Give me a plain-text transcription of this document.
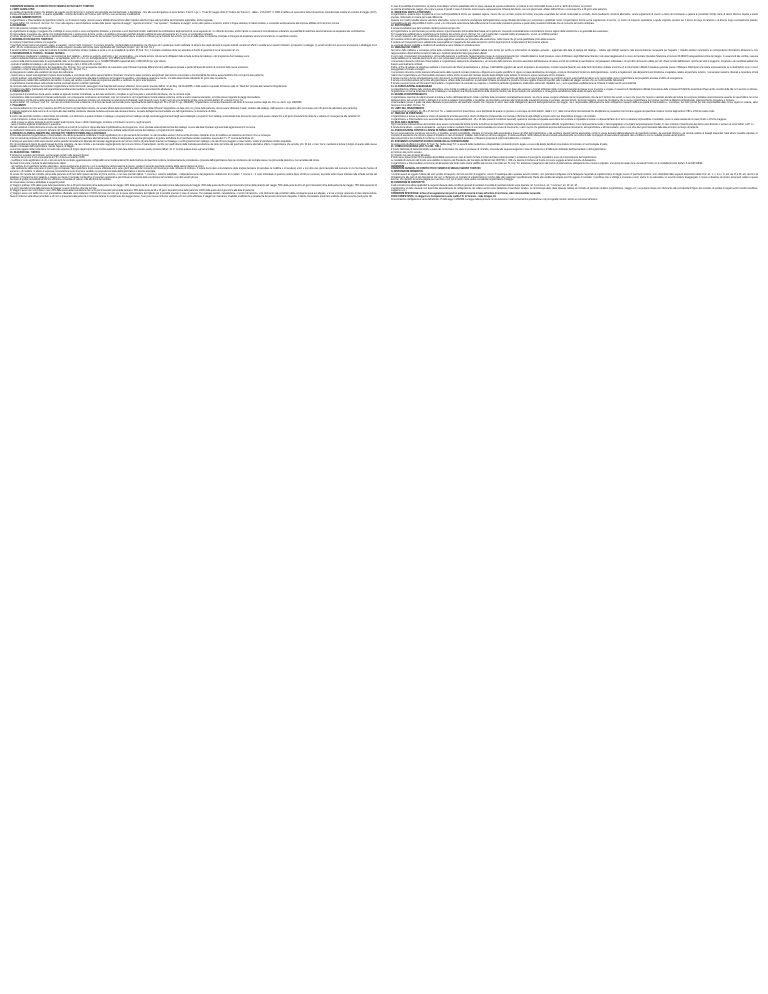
CONDIZIONI GENERALI DI CONTRATTO DI VENDITA DI PACCHETTI TURISTICI

1. FONTI LEGISLATIVE

La vendita di pacchetti turistici, che abbiano ad oggetto servizi da fornire in territorio sia nazionale sia internazionale, è disciplinata – fino alla sua abrogazione ai sensi dell'art. 3 del D. Lgs. n. 79 del 23 maggio 2011 (il "Codice del Turismo") - dalla L. 27/12/1977 n° 1084 di ratifica ed esecuzione della Convenzione Internazionale relativa al contratto di viaggio (CCV), firmata a Bruxelles il 23.4.1970 - in quanto applicabile - nonché dal Codice del Turismo (artt. 32-51) e sue successive modificazioni.

2. REGIME AMMINISTRATIVO

L'organizzatore e l'intermediario del pacchetto turistico, cui il turista si rivolge, devono essere abilitati all'esecuzione delle rispettive attività in base alla normativa amministrativa applicabile, anche regionale.

Ai sensi dell'art. 18, comma VI, del Cod. Tur., l'uso nella ragione o denominazione sociale delle parole "agenzia di viaggio", "agenzia di turismo", "tour operator", "mediatore di viaggio" ovvero altre parole e locuzioni, anche in lingua straniera, di natura similare, è consentito esclusivamente alle imprese abilitate di cui al primo comma.

3. DEFINIZIONI

Ai fini del presente contratto s'intende per:

a) organizzatore di viaggio: il soggetto che si obbliga in nome proprio e verso corrispettivo forfetario, a procurare a terzi pacchetti turistici, realizzando la combinazione degli elementi di cui al seguente art. 4 o offrendo al turista, anche tramite un sistema di comunicazione a distanza, la possibilità di realizzare autonomamente ed acquistare tale combinazione;

b) intermediario: il soggetto che, anche non professionalmente e senza scopo di lucro, vende o si obbliga a procurare pacchetti turistici realizzati ai sensi del seguente art. 4 verso un corrispettivo forfetario;

c) turista: l'acquirente, il cessionario di un pacchetto turistico o qualunque persona anche da nominare, purché soddisfi tutte le condizioni richieste per la fruizione del servizio, per conto della quale il contraente principale si impegna ad acquistare senza remunerazione un pacchetto turistico.

4. NOZIONE DI PACCHETTO TURISTICO

La nozione di pacchetto turistico è la seguente:

"I pacchetti turistici hanno ad oggetto i viaggi, le vacanze, i circuiti "tutto compreso", le crociere turistiche, risultanti dalla combinazione, da chiunque ed in qualunque modo realizzata, di almeno due degli elementi di seguito indicati, venduti od offerti in vendita ad un prezzo forfetario: a) trasporto; b) alloggio; c) servizi turistici non accessori al trasporto o all'alloggio di cui all'art. 36 che costituiscano per la soddisfazione delle esigenze ricreative del turista, parte significativa del "pacchetto turistico" (art. 34 Cod. Tur.).

Il turista ha diritto di ricevere copia del contratto di vendita di pacchetto turistico (redatto ai sensi e con le modalità di cui all'art. 35 Cod. Tur.). Il contratto costituisce titolo per accedere al Fondo di garanzia di cui al successivo art. 21.

5. INFORMAZIONI AL TURISTA - SCHEDA TECNICA

L'organizzatore predispone in catalogo o nel programma fuori catalogo – anche su supporto elettronico o per via telematica - una scheda tecnica. Gli elementi obbligatori della scheda tecnica del catalogo o del programma fuori catalogo sono:

- estremi dell'autorizzazione amministrativa o, se applicabile, la D.I.A. o S.C.I.A. dell'organizzatore: VI N.35923 del 14.05.2012;

- estremi della polizza assicurativa di responsabilità civile: La Fondiaria Assicurazioni s.p.a. N.0383073644615 massimali Euro 2.000.000,00 per ogni sinistro;

- periodo di validità del catalogo o del programma fuori catalogo: dal 1.1.2012 al 31.12.2012;

- modalità e condizioni di sostituzione del viaggiatore (Art. 39 Cod. Tur.) con la seguente specifica: al cessionario sarà richiesta l'eventuale differenza tra la tariffa aerea quotata e quella richiesta dal vettore al momento della nuova emissione;

- parametri e criteri di adeguamento del prezzo del viaggio (Art. 40 Cod. Tur.):

a) Adeguamento relativo alle variazioni del costo del carburante:

- Vettori aerei e navali: sarà applicato l'importo documentabile e comunicato dal vettore aereo/marittimo incaricato; incremento tasse portuali e aeroportuali: pari importo comunicato e documentabile dal vettore aereo/marittimo fino a 21 giorni ante partenza.

- Circuiti pullman: sarà applicato l'importo derivante tra il costo del carburante alla data di redazione del programma specifico e del catalogo qualora le insorte, e la data determinata calcolando 21 giorni ante la partenza.

b) Adeguamento relativo alle oscillazioni del cambio: il valore del cambio e quello finale al programma specifico e verificato 21 giorni ante partenza.

L'organizzatore inserirà altresì nella scheda tecnica eventuali ulteriori condizioni particolari.

Al momento della conclusione del contratto l'organizzatore inoltre informerà i passeggeri circa l'identità del/i vettore/i effettivo/i, fermo quanto previsto dall'art. 11 del Reg. CE 2111/2005, e della sua/loro eventuale inclusione nella cd. "black list" prevista dal medesimo Regolamento.

Condizioni specifiche (particolari) dell'organizzatore/venditore/intermediario si rinvia al contratto di conferma del pacchetto turistico che sarà sottoscritto all'adesione.

6. PRENOTAZIONI

La proposta di prenotazione dovrà essere redatta su apposito modulo contrattuale, se del caso elettronico, compilato in ogni sua parte e sottoscritto dal cliente, che ne riceverà copia.

L'accettazione delle prenotazioni si intende perfezionata, con conseguente conclusione del contratto, solo nel momento in cui l'organizzatore invierà relativa conferma, anche a mezzo sistema telematico, al turista presso l'agenzia di viaggi intermediaria.

L'organizzatore fornirà prima della partenza le indicazioni relative al pacchetto turistico non contenute nei documenti contrattuali, negli opuscoli ovvero in altri mezzi di comunicazione scritta, come previsto dall'art. 37, comma 2 Cod. Tur.

Ai sensi dell'art. 32, comma 2, Cod. Tur., nel caso di contratti conclusi a distanza o al di fuori dei locali commerciali (come rispettivamente definiti dagli artt. 50 e 45 del D. Lgs. 206/2005), l'organizzatore comunica l'inesistenza del diritto di recesso previsto dagli artt. 64 e ss. del D. Lgs. 206/2005.

7. PAGAMENTI

La misura dell'acconto, fino ad un massimo del 25% del prezzo del pacchetto turistico, da versare all'atto della prenotazione ovvero all'atto della richiesta impegnativa e la data entro cui, prima della partenza, dovrà essere effettuato il saldo, risultano dal catalogo, dall'opuscolo o da quanto altro (comunque entro 30 giorni da calendario ante partenza).

Il mancato pagamento delle somme di cui sopra alle date stabilite costituisce clausola risolutiva espressa tale da determinarne, da parte dell'agenzia intermediaria e/o dell'organizzatore, la risoluzione di diritto.

8. PREZZO

Il prezzo del pacchetto turistico è determinato nel contratto, con riferimento a quanto indicato in catalogo o programma fuori catalogo ed agli eventuali aggiornamenti degli stessi cataloghi o programmi fuori catalogo successivamente intervenuti. Esso potrà essere variato fino a 20 giorni precedenti la partenza e soltanto in conseguenza alle variazioni di:

- costi di trasporto, incluso il costo del carburante;

- diritti e tasse su alcune tipologie di servizi turistici quali imposte, tasse o diritti di atterraggio, di sbarco o di imbarco nei porti e negli aeroporti;

- tassi di cambio applicati al pacchetto in questione.

Per tali variazioni si farà riferimento al corso dei cambi ed ai costi di cui sopra in vigore alla data di pubblicazione del programma, come riportata nella scheda tecnica del catalogo, ovvero alla data riportata negli eventuali aggiornamenti di cui sopra.

Le oscillazioni incideranno sul prezzo forfetario del pacchetto turistico nella percentuale espressamente indicata nella scheda tecnica del catalogo o programma fuori catalogo.

9. MODIFICA O ANNULLAMENTO DEL PACCHETTO TURISTICO PRIMA DELLA PARTENZA

Prima della partenza l'organizzatore o l'intermediario che abbia necessità di modificare in modo significativo uno o più elementi del contratto, ne dà immediato avviso in forma scritta al turista, indicando il tipo di modifica e la variazione del prezzo che ne consegue.

Ove non accetti la proposta di modifica di cui al comma 1, il turista potrà esercitare alternativamente il diritto di riacquistare la somma già pagata o di godere dell'offerta di un pacchetto turistico sostitutivo ai sensi del 2° e 3° comma dell'articolo 10.

Il turista può esercitare i diritti sopra previsti anche quando l'annullamento dipenda dal mancato raggiungimento del numero minimo di partecipanti previsto nel Catalogo o nel Programma fuori catalogo o da casi di forza maggiore e caso fortuito, relativi al pacchetto turistico acquistato.

Per gli annullamenti diversi da quelli causati da forza maggiore, da caso fortuito e da mancato raggiungimento del numero minimo di partecipanti, nonché per quelli diversi dalla mancata accettazione da parte del turista del pacchetto turistico alternativo offerto, l'organizzatore che annulla, (Art. 33 lett. e Cod. Cons.) restituirà al turista il doppio di quanto dallo stesso pagato e incassato dall'organizzatore, tramite l'agente di viaggio.

La somma oggetto della restituzione non sarà mai superiore al doppio degli importi di cui il turista sarebbe in pari data debitore secondo quanto previsto dall'art. 10, 4° comma qualora fosse egli ad annullare.

10. RECESSO DEL TURISTA

Il turista può recedere dal contratto, senza pagare penali, nelle seguenti ipotesi:

- aumento del prezzo di cui al precedente art. 8 in misura eccedente il 10%;

- modifica in modo significativo di uno o più elementi del contratto oggettivamente configurabili come fondamentali ai fini della fruizione del pacchetto turistico complessivamente considerato e proposta dall'organizzatore dopo la conclusione del contratto stesso ma prima della partenza e non accettata dal turista.

Nei casi di cui sopra, il turista ha alternativamente diritto:

- ad usufruire di un pacchetto turistico alternativo, senza supplemento di prezzo o con la restituzione dell'eccedenza di prezzo, qualora il secondo pacchetto turistico abbia valore inferiore al primo;

- alla restituzione della sola parte di prezzo già corrisposta. Tale restituzione dovrà essere effettuata entro sette giorni lavorativi dal momento del ricevimento della richiesta di rimborso. Il turista dovrà dare comunicazione della propria decisione (di accettare la modifica o di recedere) entro e non oltre due giorni lavorativi dal momento in cui ha ricevuto l'avviso di aumento o di modifica. In difetto di espressa comunicazione entro il termine suddetto, la proposta formulata dall'organizzatore si intende accettata.

Al turista che receda dal contratto prima della partenza al di fuori delle ipotesi elencate al primo comma, o nel caso previsto dall'art. 7, comma 2, saranno addebitati – indipendentemente dal pagamento dell'acconto di cui all'art. 7 comma 1 – il costo individuale di gestione pratica (Euro 20,00 per persona), la penale nella misura indicata nella scheda tecnica del Catalogo o Programma fuori catalogo o viaggio su misura, l'eventuale corrispettivo di coperture assicurative già richieste al momento della conclusione del contratto o per altri servizi già resi.

Nel caso di gruppi precostituiti tali somme verranno concordate di volta in volta alla firma del contratto.

Al consumatore verranno addebitate le seguenti penali:

a) Viaggi in pullman: 10% della quota della prenotazione fino a 45 giorni lavorativi prima della partenza del viaggio; 20% della quota da 44 a 31 giorni lavorativi prima della partenza del viaggio; 30% della quota da 30 a 21 giorni lavorativi prima della partenza del viaggio; 50% della quota da 20 a 11 giorni lavorativi prima della partenza del viaggio; 75% della quota da 10 a 4 giorni lavorativi prima della partenza del viaggio; nessun rimborso oltre tale termine.

b) Viaggi in aereo con voli di linea o navi: 25% della quota della prenotazione fino a 31 giorni lavorativi prima della partenza; 50% della quota da 30 a 15 giorni lavorativi prima della partenza; 100% della quota da 14 giorni fino alla data di partenza.

c) Viaggi in aereo con tariffe low cost: prenotazione effettuata, verrà trattenuto il 100% del costo del volo più le spese dell'emissione del biglietto più le penalità previste in caso di recesso. Per qualsiasi cambio, cancellazione, o termini di trasporto, si fa riferimento alle condizioni della compagnia aerea qui allegate, e di cui si prega vivamente di dare attenta lettura. Nessun rimborso sarà altresì accordato a chi non si presenterà alla partenza o rinuncerà durante lo svolgimento del viaggio stesso. Così pure nessun rimborso spetterà a chi non potrà effettuare il viaggio per mancanza, invalidità, insufficienza o inesattezza dei previsti documenti d'espatrio. Il cliente rinunciatario potrà farsi sostituire da altra persona (vedi punto 12).

In caso di possibilità di sostituzione, al cliente rinunciatario verranno addebitate tutte le spese causate da questa sostituzione, ivi incluse le non rimborsabili dovute a terzi e i diritti di iscrizione, se previsti.

La polizza annullamento viaggio, che copre le spese di penali in caso di rinuncia, dovrà essere espressamente richiesta dal cliente, ove non già prevista, all'atto dell'iscrizione o comunque fino a 40 giorni ante partenza.

11. MODIFICHE DOPO LA PARTENZA

L'organizzatore, qualora dopo la partenza si trovi nell'impossibilità di fornire per qualsiasi ragione, tranne che per un fatto proprio del turista, una parte essenziale dei servizi contemplati in contratto, dovrà predisporre soluzioni alternative, senza supplementi di prezzo a carico del contraente e qualora le prestazioni fornite siano di valore inferiore rispetto a quelle previste, rimborsarlo in misura pari a tale differenza.

Qualora non risulti possibile alcuna soluzione alternativa, ovvero la soluzione predisposta dall'organizzatore venga rifiutata dal turista per comprovati e giustificati motivi, l'organizzatore fornirà senza supplemento di prezzo, un mezzo di trasporto equivalente a quello originario previsto per il ritorno al luogo di partenza o al diverso luogo eventualmente pattuito, compatibilmente alle disponibilità di mezzi e posti, e lo rimborserà nella misura della differenza tra il costo delle prestazioni previste e quello delle prestazioni effettuate fino al momento del rientro anticipato.

12. SOSTITUZIONI

Il turista rinunciatario può farsi sostituire da altra persona sempre che:

a) l'organizzatore ne sia informato per iscritto almeno 4 giorni lavorativi prima della data fissata per la partenza, ricevendo contestualmente comunicazione circa le ragioni della sostituzione e le generalità del cessionario;

b) il cessionario soddisfi tutte le condizioni per la fruizione del servizio (ex art. 39 Cod. Tur. ) ed in particolare i requisiti relativi al passaporto, ai visti, ai certificati sanitari;

c) i servizi medesimi o altri servizi in sostituzione possano essere erogati a seguito della sostituzione;

d) il sostituto rimborsi all'organizzatore tutte le spese aggiuntive sostenute per procedere alla sostituzione, nella misura che gli verrà quantificata prima della cessione.

Il cedente ed il cessionario sono solidalmente responsabili per il pagamento del saldo del prezzo nonché degli importi di cui alla lettera d) del presente articolo.

Le eventuali ulteriori modalità e condizioni di sostituzione sono indicate in scheda tecnica.

13. OBBLIGHI DEI TURISTI

Nel corso delle trattative e comunque prima della conclusione del contratto, ai cittadini italiani sono fornite per iscritto le informazioni di carattere generale - aggiornate alla data di stampa del catalogo - relative agli obblighi sanitari e alla documentazione necessaria per l'espatrio. I cittadini stranieri reperiranno le corrispondenti informazioni attraverso le loro rappresentanze diplomatiche presenti in Italia e/o i rispettivi canali informativi governativi ufficiali.

In ogni caso i consumatori provvederanno, prima della partenza, a verificarne l'aggiornamento presso le competenti autorità (per i cittadini italiani le locali Questure ovvero il Ministero degli Affari Esteri tramite il sito www.viaggiaresicuri.it ovvero la Centrale Operativa Telefonica al numero 06.491115) adeguandovisi prima del viaggio. In assenza di tale verifica, nessuna responsabilità per la mancata partenza di uno o più consumatori potrà essere imputata all'intermediario o all'organizzatore.

I consumatori dovranno informare l'intermediario e l'organizzatore della propria cittadinanza e, al momento della partenza, dovranno accertarsi definitivamente di essere muniti dei certificati di vaccinazione, del passaporto individuale e di ogni altro documento valido per tutti i Paesi toccati dall'itinerario, nonché dei visti di soggiorno, di transito e dei certificati sanitari che fossero eventualmente richiesti.

Inoltre, al fine di valutare la situazione sanitaria e di sicurezza dei Paesi di destinazione e, dunque, l'utilizzabilità oggettiva dei servizi acquistati o da acquistare, il turista reperirà (facendo uso delle fonti informative indicate al comma 2) le informazioni ufficiali di carattere generale presso il Ministero Affari Esteri che indica espressamente se le destinazioni sono o meno assoggettate a formale sconsiglio.

I consumatori dovranno inoltre attenersi all'osservanza delle regole di normale prudenza e diligenza ed a quelle specifiche in vigore nei paesi destinazione del viaggio, a tutte le informazioni fornite loro dall'organizzatore, nonché ai regolamenti, alle disposizioni amministrative o legislative relative al pacchetto turistico. I consumatori saranno chiamati a rispondere di tutti i danni che l'organizzatore e/o l'intermediario dovessero subire anche a causa del mancato rispetto degli obblighi sopra indicati, ivi incluse le spese necessarie al loro rimpatrio.

Il turista è tenuto a fornire all'organizzatore tutti i documenti, le informazioni e gli elementi in suo possesso utili per l'esercizio del diritto di surroga di quest'ultimo nei confronti dei terzi responsabili del danno ed è responsabile verso l'organizzatore del pregiudizio arrecato al diritto di surrogazione.

Il turista comunicherà altresì per iscritto all'organizzatore, all'atto della prenotazione, le particolari richieste personali che potranno formare oggetto di accordi specifici sulle modalità del viaggio, sempre che ne risulti possibile l'attuazione.

Il turista è sempre tenuto ad informare l'intermediario e l'organizzatore di eventuali sue esigenze o condizioni particolari (gravidanza, intolleranze alimentari, disabilità, ecc...) ed a specificare esplicitamente la richiesta di relativi servizi personalizzati.

14. CLASSIFICAZIONE ALBERGHIERA

La classificazione ufficiale delle strutture alberghiere viene fornita in catalogo od in altro materiale informativo soltanto in base alle espresse e formali indicazioni delle competenti autorità del paese in cui il servizio è erogato. In assenza di classificazioni ufficiali riconosciute dalle competenti Pubbliche Autorità dei Paesi anche membri della UE cui il servizio si riferisce, l'organizzatore si riserva la facoltà di fornire in catalogo o nel depliant una propria descrizione della struttura ricettiva, tale da permettere una valutazione e conseguente accettazione della stessa da parte del turista.

15. REGIME DI RESPONSABILITÀ

L'organizzatore risponde dei danni arrecati al turista a motivo dell'inadempimento totale o parziale delle prestazioni contrattualmente dovute, sia che le stesse vengano effettuate da lui personalmente che da terzi fornitori dei servizi, a meno che provi che l'evento è derivato da fatto del turista (ivi comprese iniziative autonomamente assunte da quest'ultimo nel corso dell'esecuzione dei servizi turistici) o dal fatto di un terzo a carattere imprevedibile o inevitabile, da circostanze estranee alla fornitura delle prestazioni previste in contratto, da caso fortuito, da forza maggiore, ovvero da circostanze che lo stesso organizzatore non poteva, secondo la diligenza professionale, ragionevolmente prevedere o risolvere.

L'intermediario presso il quale sia stata effettuata la prenotazione del pacchetto turistico non risponde in alcun caso delle obbligazioni nascenti dall'organizzazione del viaggio, ma è responsabile esclusivamente delle obbligazioni nascenti dalla sua qualità di intermediario e, comunque, nei limiti previsti per tale responsabilità dalle norme vigenti in materia, salvo l'esonero di cui all'art. 46 Cod. Tur.

16. LIMITI DEL RISARCIMENTO

I risarcimenti di cui agli artt. 44, 45 e 47 del Cod. Tur. e relativi termini di prescrizione, sono disciplinati da quanto ivi previsto e comunque nei limiti stabiliti , dalla C.C.V. ,dalle Convenzioni Internazionali che disciplinano le prestazioni che formano oggetto del pacchetto turistico nonché dagli articoli 1783 e 1784 del codice civile.

17. OBBLIGO DI ASSISTENZA

L'organizzatore è tenuto a prestare le misure di assistenza al turista secondo il criterio di diligenza professionale con esclusivo riferimento agli obblighi a proprio carico per disposizione di legge o di contratto.

L'organizzatore e l'intermediario sono esonerati dalle rispettive responsabilità (artt. 15 e 16 delle presenti Condizioni Generali), quando la mancata od inesatta esecuzione del contratto è imputabile al turista o è dipesa dal fatto di un terzo a carattere imprevedibile o inevitabile, ovvero è stata causata da un caso fortuito o di forza maggiore.

18. RECLAMI E DENUNCE

Ogni mancanza nell'esecuzione del contratto deve essere contestata dal turista durante la fruizione del pacchetto mediante tempestiva presentazione di reclamo affinché l'organizzatore, il suo rappresentante locale o l'accompagnatore vi pongano tempestivamente rimedio. In caso contrario il risarcimento del danno sarà diminuito o escluso ai sensi dell'art. 1227 c.c.

Il turista dovrà altresì – a pena di decadenza - sporgere reclamo mediante l'invio di una raccomandata,con avviso di ricevimento, o altro mezzo che garantisca la prova dell'avvenuto ricevimento, all'organizzatore o all'intermediario, entro e non oltre dieci giorni lavorativi dalla data di rientro nel luogo di partenza.

19. ASSICURAZIONE CONTRO LE SPESE DI ANNULLAMENTO E DI RIMPATRIO

Se non espressamente comprese nel prezzo, è possibile, ed anzi consigliabile, stipulare al momento della prenotazione presso gli uffici dell'organizzatore o del venditore speciali polizze assicurative contro le spese derivanti dall'annullamento del pacchetto turistico, da eventuali infortuni e da vicende relative ai bagagli trasportati. Sarà altresì possibile stipulare un contratto di assistenza che copra le spese di rimpatrio in caso di incidenti, malattie, casi fortuiti e/o di forza maggiore. Il turista eserciterà i diritti nascenti da tali contratti esclusivamente nei confronti delle Compagnie di Assicurazioni stipulanti, alle condizioni e con le modalità previste da tali polizze.

Alla sottoscrizione del contratto di conferma, il consumatore ha facoltà di accettare o rifiutare la proposta di polizza annullamento e rimpatrio.

20. STRUMENTI ALTERNATIVI DI RISOLUZIONE DELLE CONTESTAZIONI

Ai sensi e con gli effetti di cui all'art. 67 Cod. Tur. l'adita viaggi T.O. si avvarrà della mediazione extragiudiziale nominando proprio legale e a sua volta dando facoltà al consumatore di nominare un tecnico/legale di parte.

21. FONDO DI GARANZIA (ART. 51 COD. TUR.).

Il Fondo Nazionale di Garanzia istituito a tutela dei consumatori che siano in possesso di contratto, provvede alle seguenti esigenze in caso di insolvenza o di fallimento dichiarato dell'intermediario o dell'organizzatore:

a) rimborso del prezzo versato;

b) rimpatrio nel caso di viaggi all'estero.

Il fondo deve altresì fornire un'immediata disponibilità economica in caso di rientro forzato di turisti da Paesi extracomunitari in occasione di emergenze imputabili o meno al comportamento dell'organizzatore.

Le modalità di intervento del Fondo sono stabilite col decreto del Presidente del Consiglio dei Ministri del 23/07/99, n. 349 e le istanze di rimborso al Fondo non sono soggette ad alcun termine di decadenza.

L'organizzatore e l'intermediario concorrono ad alimentare tale fondo nella misura stabilita dal comma 2 del citato art. 51 Cod. Tur. attraverso il pagamento del premio di assicurazione obbligatoria che è tenuto a stipulare, una quota del quale viene versata al Fondo con le modalità previste dall'art. 6 del DM 349/99.

ADDENDUM

CONDIZIONI GENERALI DI CONTRATTO DI VENDITA DI SINGOLI SERVIZI TURISTICI

A) DISPOSIZIONI NORMATIVE

I contratti aventi ad oggetto l'offerta del solo servizio di trasporto, del solo servizio di soggiorno, ovvero di qualunque altro separato servizio turistico, non potendosi configurare come fattispecie negoziale di organizzazione di viaggio ovvero di pacchetto turistico, sono disciplinati dalle seguenti disposizioni della CCV: art. 1, n. 3 e n. 6; artt. da 17 a 23; artt. da 24 a 31 (limitatamente alle parti di tali disposizioni che non si riferiscono al contratto di organizzazione) nonché dalle altre pattuizioni specificamente riferite alla vendita del singolo servizio oggetto di contratto. Il venditore che si obbliga a procurare a terzi, anche in via telematica, un servizio turistico disaggregato, è tenuto a rilasciare al turista i documenti relativi a questo servizio, che riportino la somma pagata per il servizio e non può in alcun modo essere considerato organizzatore di viaggio.

B) CONDIZIONI DI CONTRATTO

A tali contratti sono altresì applicabili le seguenti clausole delle condizioni generali di contratto di vendita di pacchetti turistici sopra riportate: art. 6 comma 1; art. 7 comma 2; art. 13; art. 18.

L'applicazione di dette clausole non determina assolutamente la configurazione dei relativi servizi come fattispecie di pacchetto turistico. La terminologia delle citate clausole relativa al contratto di pacchetto turistico (organizzatore, viaggio ecc.) va pertanto intesa con riferimento alle corrispondenti figure del contratto di vendita di singoli servizi turistici (venditore, soggiorno ecc.).

CONDIZIONI SPECIFICHE: la fase di assegnazione dei posti in pullman avverrà in base all'ordine di iscrizione, salvo documentate necessità.

FORO COMPETENTE: si elegge Foro Competente la sede Ladita T.O. di Vicenza – viale Grappa, 18.

Comunicazione obbligatoria ai sensi dell'articolo 17 della legge n.38/2006. La legge italiana punisce con la reclusione i reati concernenti la prostituzione e la pornografia minorile, anche se commessi all'estero.
